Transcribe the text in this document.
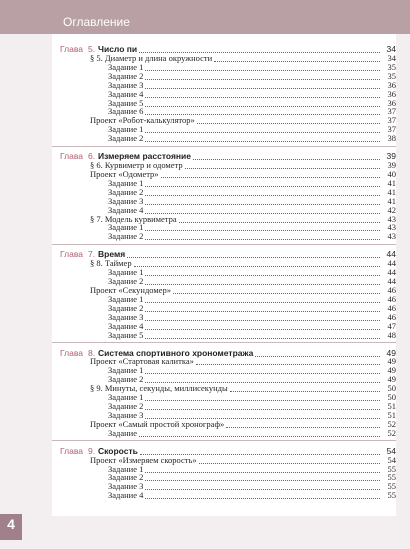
Оглавление
Глава 5. Число пи	34
§ 5. Диаметр и длина окружности	34
Задание 1	35
Задание 2	35
Задание 3	36
Задание 4	36
Задание 5	36
Задание 6	37
Проект «Робот-калькулятор»	37
Задание 1	37
Задание 2	38
Глава 6. Измеряем расстояние	39
§ 6. Курвиметр и одометр	39
Проект «Одометр»	40
Задание 1	41
Задание 2	41
Задание 3	41
Задание 4	42
§ 7. Модель курвиметра	43
Задание 1	43
Задание 2	43
Глава 7. Время	44
§ 8. Таймер	44
Задание 1	44
Задание 2	44
Проект «Секундомер»	46
Задание 1	46
Задание 2	46
Задание 3	46
Задание 4	47
Задание 5	48
Глава 8. Система спортивного хронометража	49
Проект «Стартовая калитка»	49
Задание 1	49
Задание 2	49
§ 9. Минуты, секунды, миллисекунды	50
Задание 1	50
Задание 2	51
Задание 3	51
Проект «Самый простой хронограф»	52
Задание	52
Глава 9. Скорость	54
Проект «Измеряем скорость»	54
Задание 1	55
Задание 2	55
Задание 3	55
Задание 4	55
4
